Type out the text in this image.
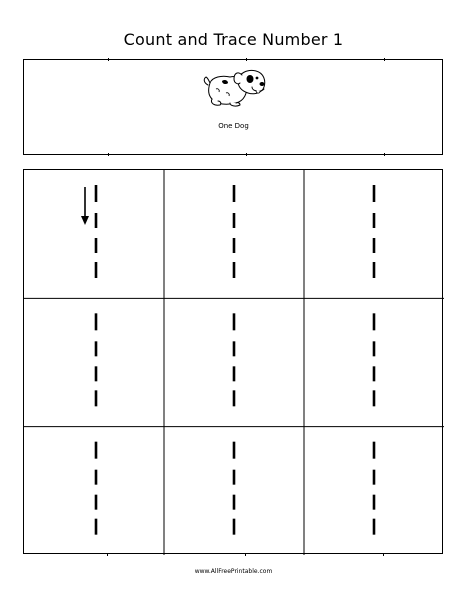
Count and Trace Number 1
One Dog
www.AllFreePrintable.com
